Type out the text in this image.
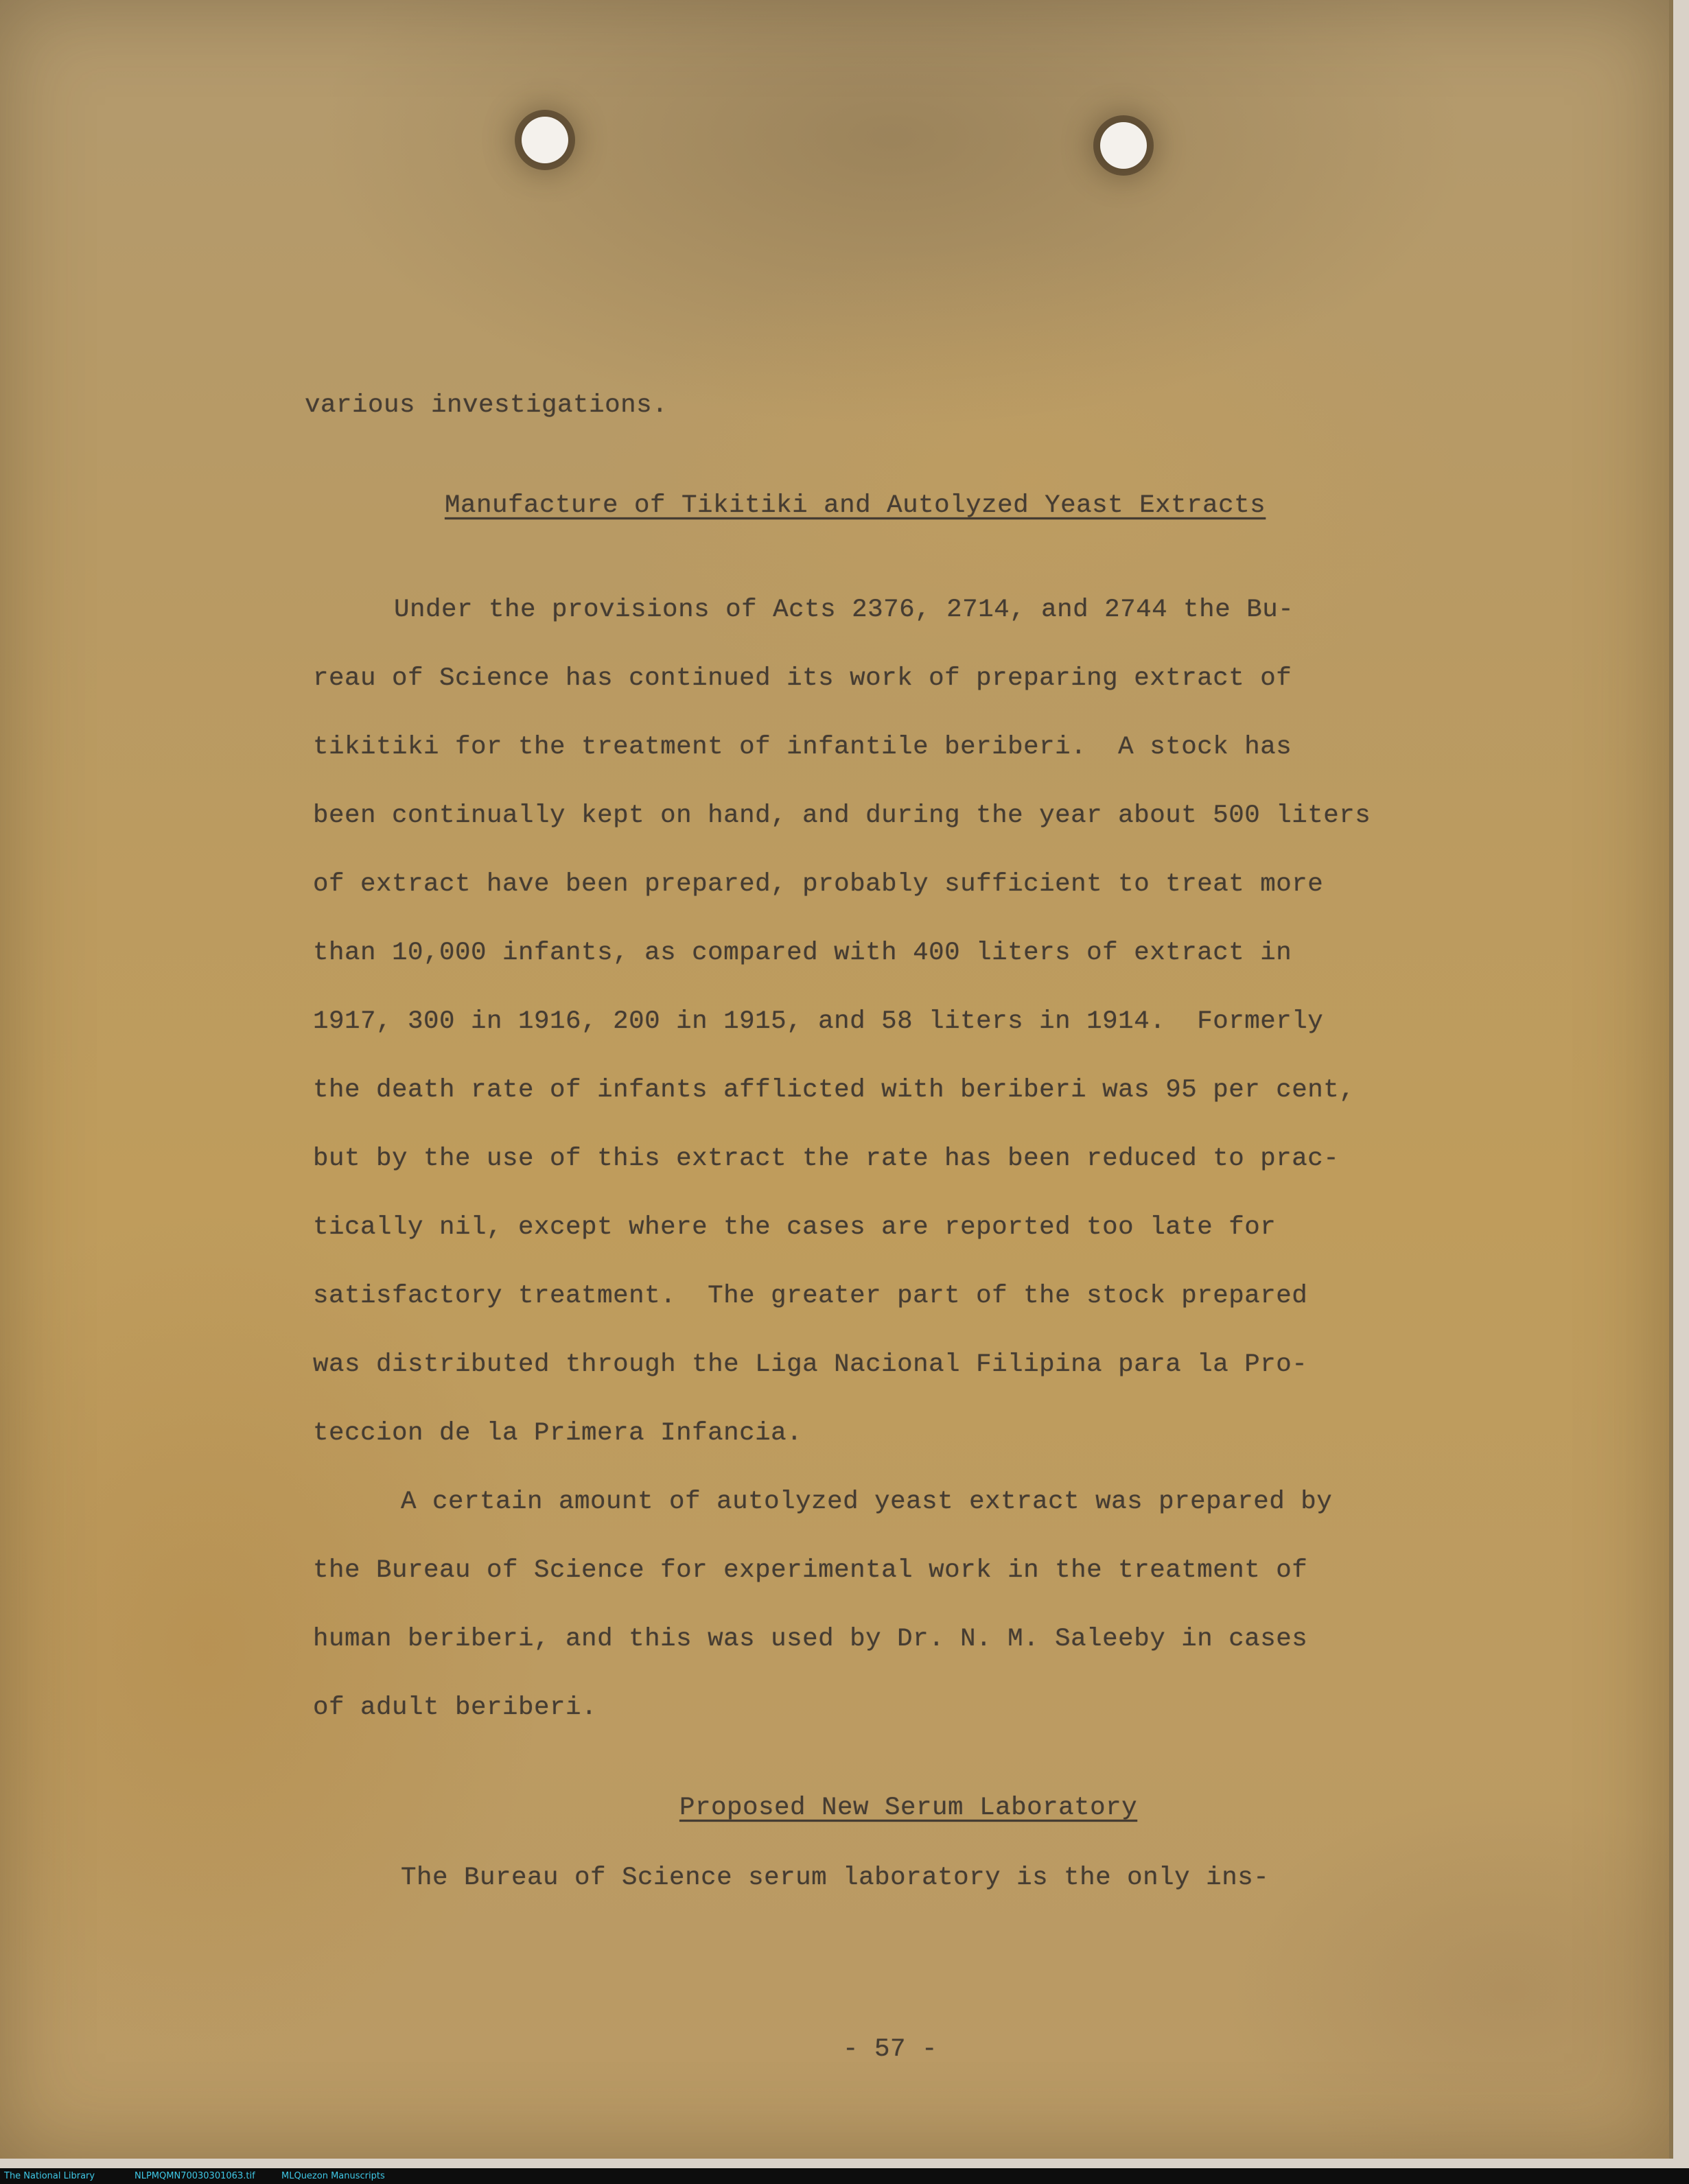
various investigations.
Manufacture of Tikitiki and Autolyzed Yeast Extracts
Under the provisions of Acts 2376, 2714, and 2744 the Bu-
reau of Science has continued its work of preparing extract of
tikitiki for the treatment of infantile beriberi.  A stock has
been continually kept on hand, and during the year about 500 liters
of extract have been prepared, probably sufficient to treat more
than 10,000 infants, as compared with 400 liters of extract in
1917, 300 in 1916, 200 in 1915, and 58 liters in 1914.  Formerly
the death rate of infants afflicted with beriberi was 95 per cent,
but by the use of this extract the rate has been reduced to prac-
tically nil, except where the cases are reported too late for
satisfactory treatment.  The greater part of the stock prepared
was distributed through the Liga Nacional Filipina para la Pro-
teccion de la Primera Infancia.
A certain amount of autolyzed yeast extract was prepared by
the Bureau of Science for experimental work in the treatment of
human beriberi, and this was used by Dr. N. M. Saleeby in cases
of adult beriberi.
Proposed New Serum Laboratory
The Bureau of Science serum laboratory is the only ins-
- 57 -
The National Library	NLPMQMN7003030106З.tif	MLQuezon Manuscripts
